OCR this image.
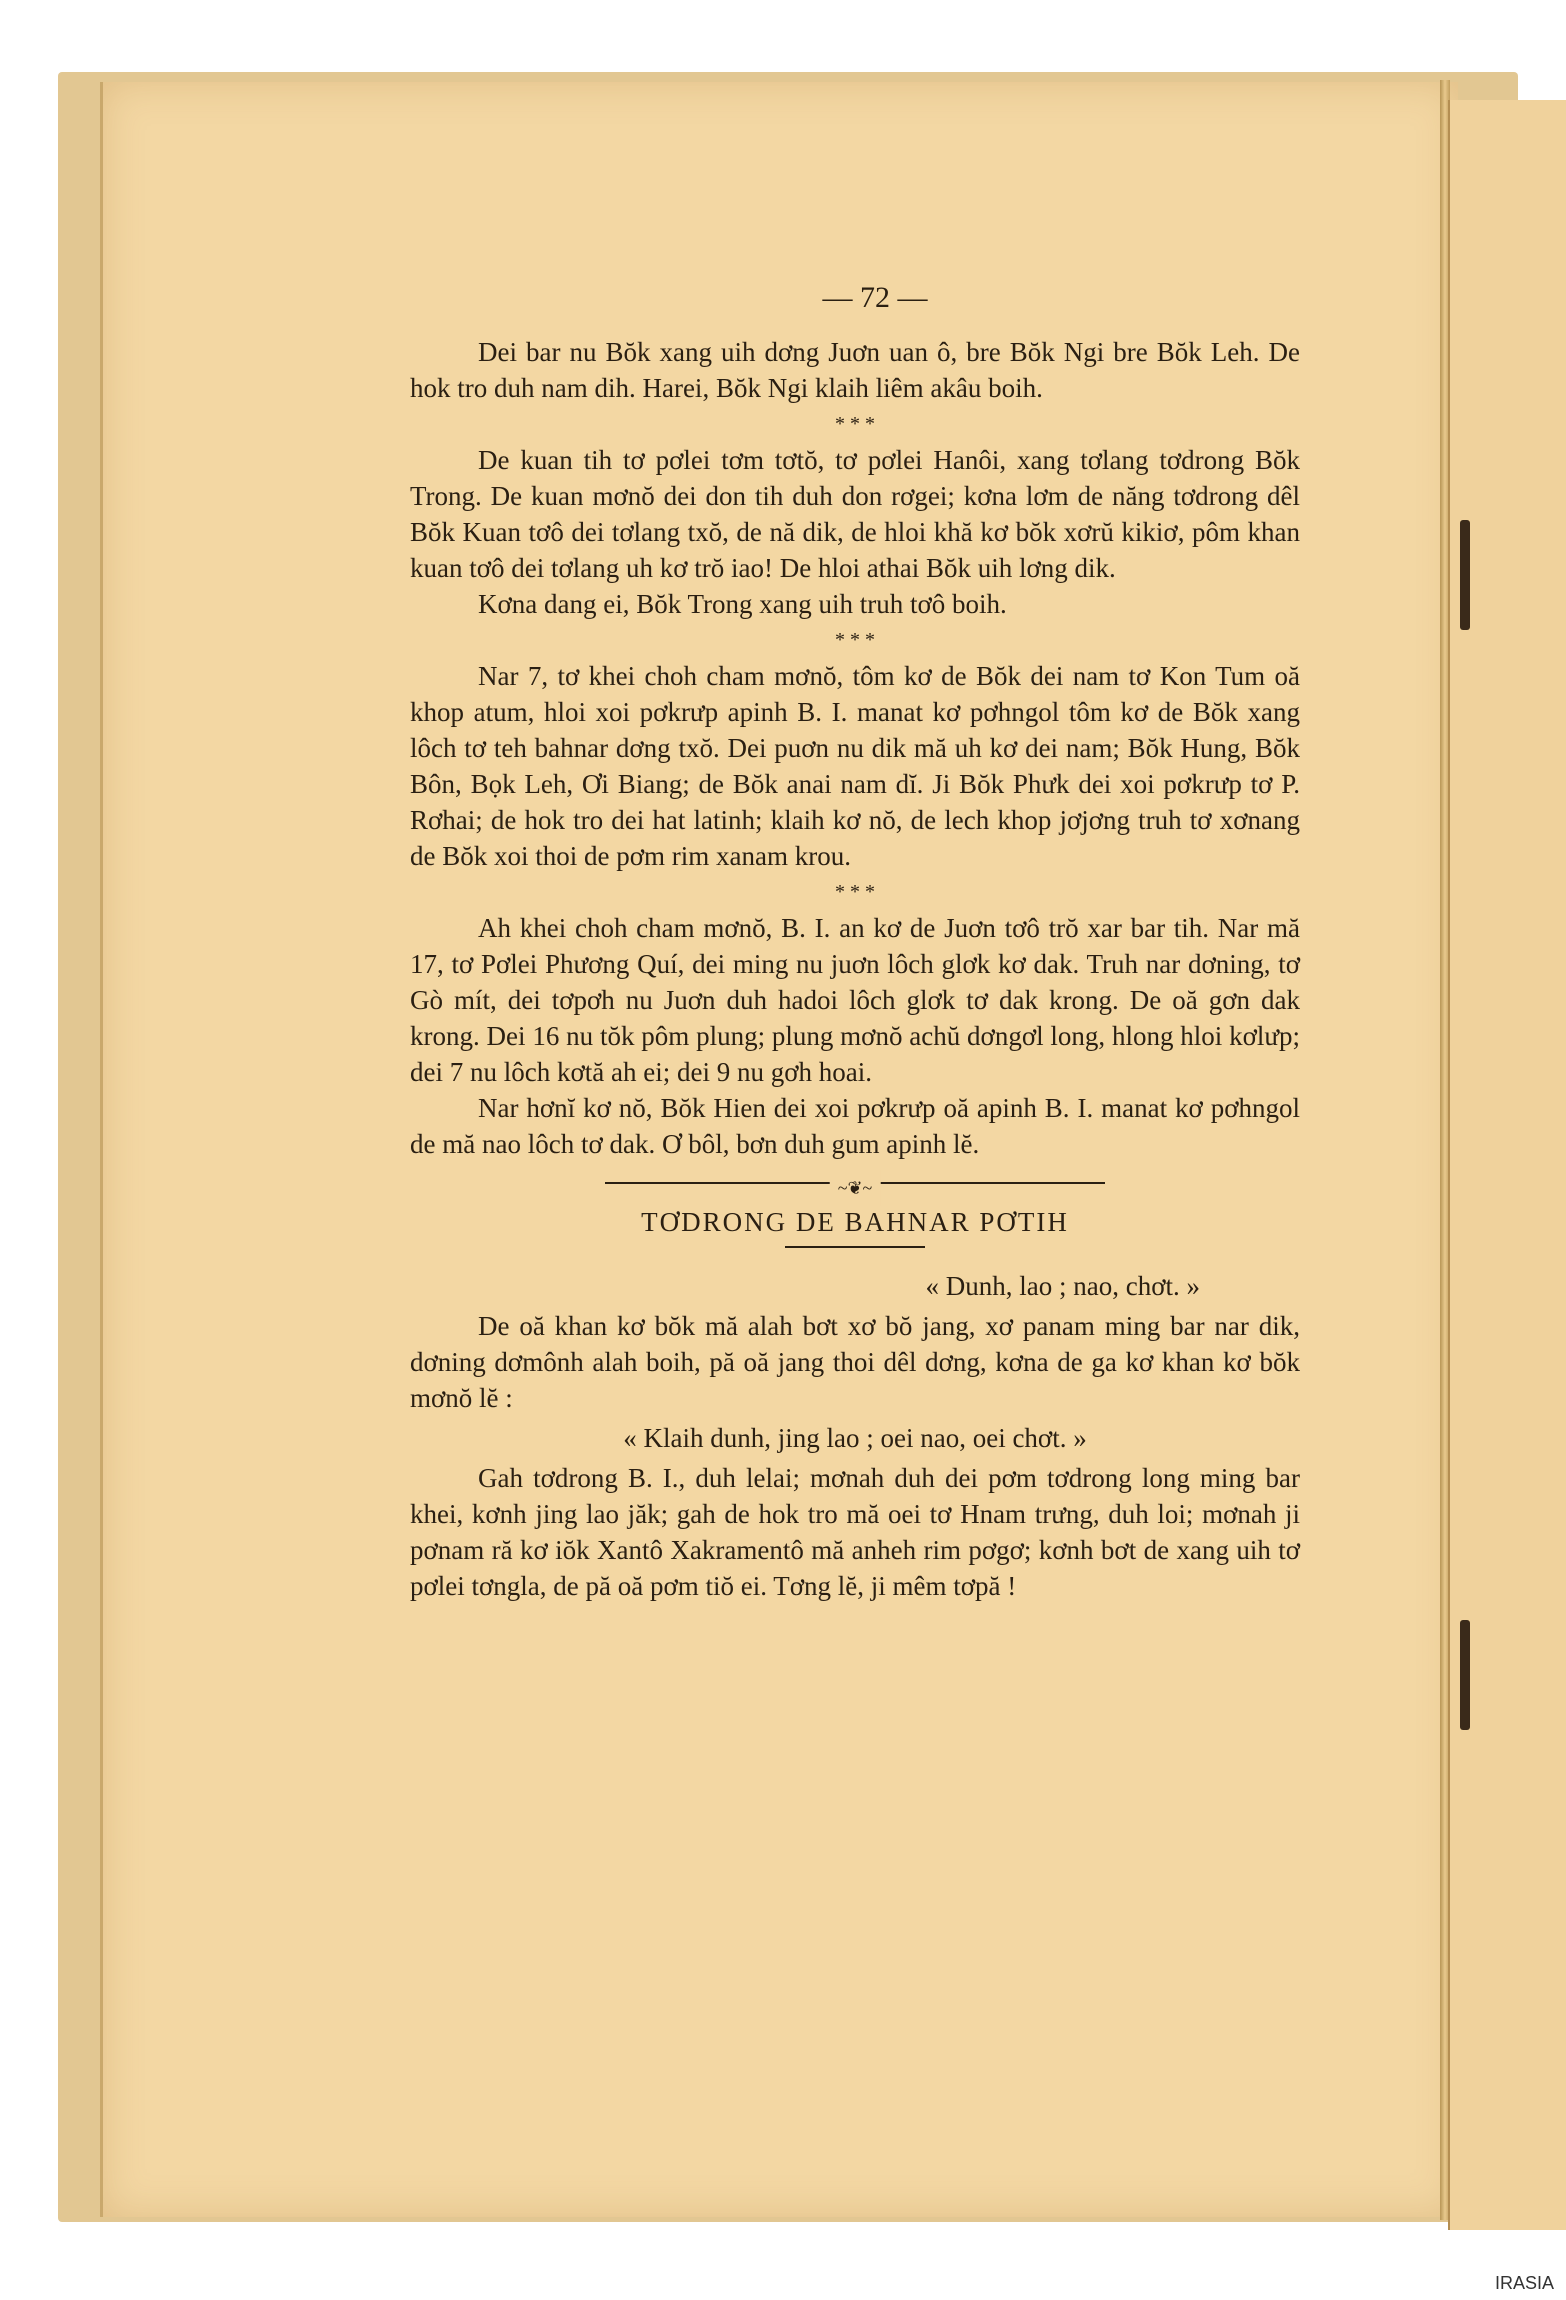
— 72 —

Dei bar nu Bŏk xang uih dơng Juơn uan ô, bre Bŏk Ngi bre Bŏk Leh. De hok tro duh nam dih. Harei, Bŏk Ngi klaih liêm akâu boih.

* * *

De kuan tih tơ pơlei tơm tơtŏ, tơ pơlei Hanôi, xang tơlang tơdrong Bŏk Trong. De kuan mơnŏ dei don tih duh don rơgei; kơna lơm de năng tơdrong dêl Bŏk Kuan tơô dei tơlang txŏ, de nă dik, de hloi khă kơ bŏk xơrŭ kikiơ, pôm khan kuan tơô dei tơlang uh kơ trŏ iao! De hloi athai Bŏk uih lơng dik.

Kơna dang ei, Bŏk Trong xang uih truh tơô boih.

* * *

Nar 7, tơ khei choh cham mơnŏ, tôm kơ de Bŏk dei nam tơ Kon Tum oă khop atum, hloi xoi pơkrưp apinh B. I. manat kơ pơhngol tôm kơ de Bŏk xang lôch tơ teh bahnar dơng txŏ. Dei puơn nu dik mă uh kơ dei nam; Bŏk Hung, Bŏk Bôn, Bọk Leh, Ơi Biang; de Bŏk anai nam dĭ. Ji Bŏk Phưk dei xoi pơkrưp tơ P. Rơhai; de hok tro dei hat latinh; klaih kơ nŏ, de lech khop jơjơng truh tơ xơnang de Bŏk xoi thoi de pơm rim xanam krou.

* * *

Ah khei choh cham mơnŏ, B. I. an kơ de Juơn tơô trŏ xar bar tih. Nar mă 17, tơ Pơlei Phương Quí, dei ming nu juơn lôch glơk kơ dak. Truh nar dơning, tơ Gò mít, dei tơpơh nu Juơn duh hadoi lôch glơk tơ dak krong. De oă gơn dak krong. Dei 16 nu tŏk pôm plung; plung mơnŏ achŭ dơngơl long, hlong hloi kơlưp; dei 7 nu lôch kơtă ah ei; dei 9 nu gơh hoai.

Nar hơnĭ kơ nŏ, Bŏk Hien dei xoi pơkrưp oă apinh B. I. manat kơ pơhngol de mă nao lôch tơ dak. Ơ bôl, bơn duh gum apinh lĕ.

~❦~
TƠDRONG DE BAHNAR PƠTIH
« Dunh, lao ; nao, chơt. »

De oă khan kơ bŏk mă alah bơt xơ bŏ jang, xơ panam ming bar nar dik, dơning dơmônh alah boih, pă oă jang thoi dêl dơng, kơna de ga kơ khan kơ bŏk mơnŏ lĕ :

« Klaih dunh, jing lao ; oei nao, oei chơt. »

Gah tơdrong B. I., duh lelai; mơnah duh dei pơm tơdrong long ming bar khei, kơnh jing lao jăk; gah de hok tro mă oei tơ Hnam trưng, duh loi; mơnah ji pơnam ră kơ iŏk Xantô Xakramentô mă anheh rim pơgơ; kơnh bơt de xang uih tơ pơlei tơngla, de pă oă pơm tiŏ ei. Tơng lĕ, ji mêm tơpă !

IRASIA
